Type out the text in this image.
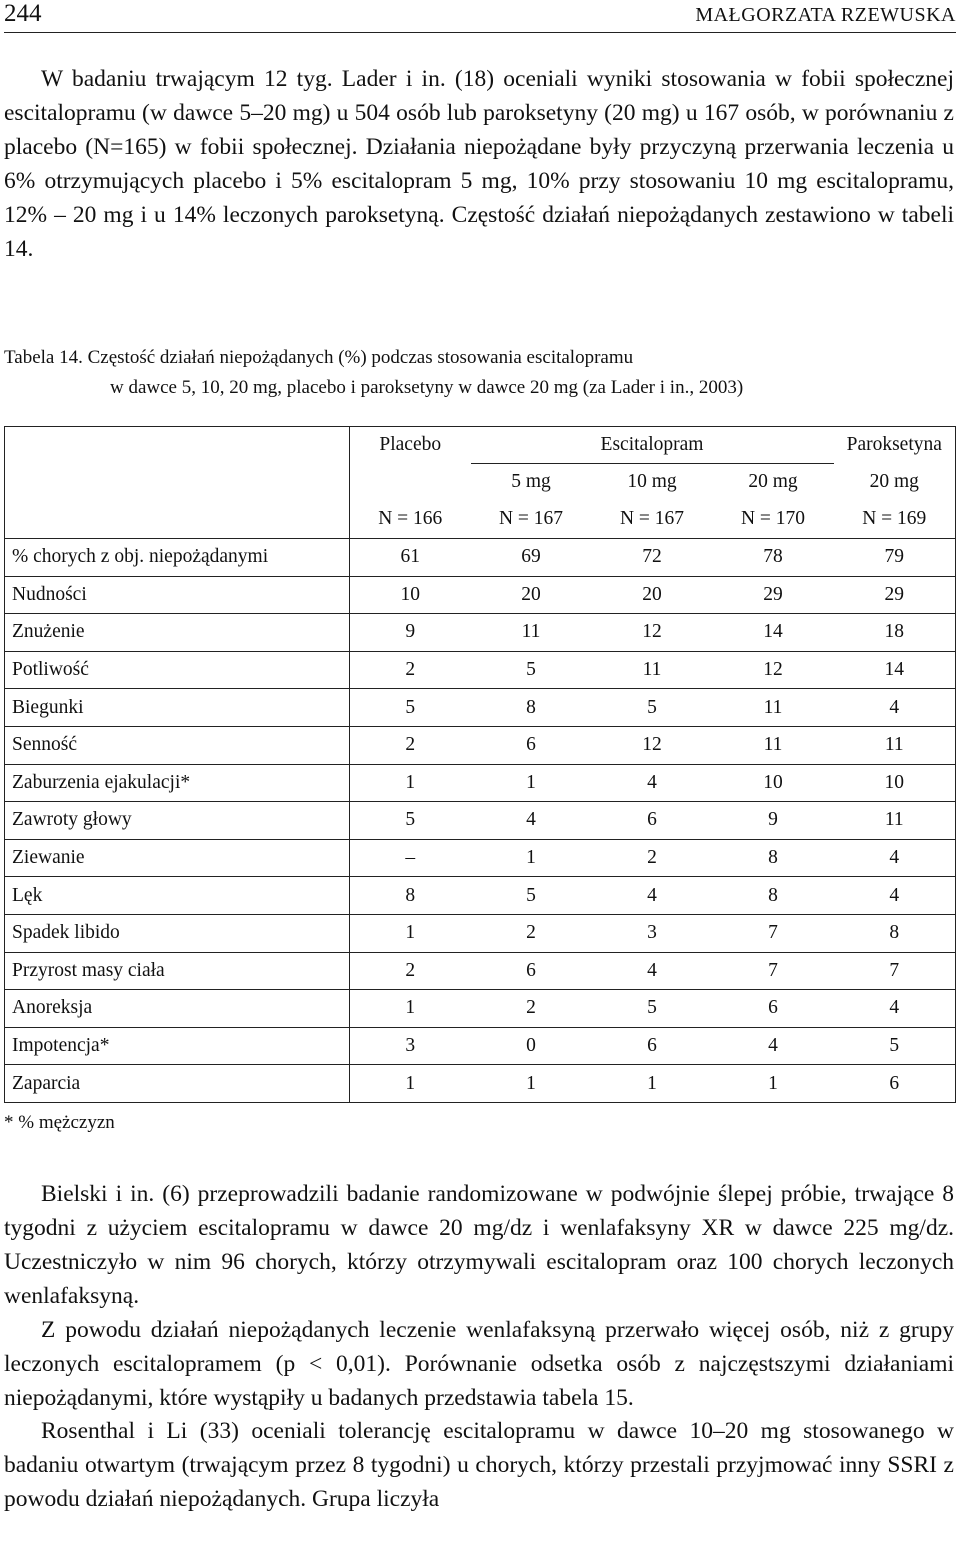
244	MAŁGORZATA RZEWUSKA

W badaniu trwającym 12 tyg. Lader i in. (18) oceniali wyniki stosowania w fobii społecznej escitalopramu (w dawce 5–20 mg) u 504 osób lub paroksetyny (20 mg) u 167 osób, w porównaniu z placebo (N=165) w fobii społecznej. Działania niepożądane były przyczyną przerwania leczenia u 6% otrzymujących placebo i 5% escitalopram 5 mg, 10% przy stosowaniu 10 mg escitalopramu, 12% – 20 mg i u 14% leczonych paroksetyną. Częstość działań niepożądanych zestawiono w tabeli 14.

Tabela 14. Częstość działań niepożądanych (%) podczas stosowania escitalopramu
w dawce 5, 10, 20 mg, placebo i paroksetyny w dawce 20 mg (za Lader i in., 2003)
	Placebo	Escitalopram			Paroksetyna
		5 mg	10 mg	20 mg	20 mg
	N = 166	N = 167	N = 167	N = 170	N = 169
% chorych z obj. niepożądanymi	61	69	72	78	79
Nudności	10	20	20	29	29
Znużenie	9	11	12	14	18
Potliwość	2	5	11	12	14
Biegunki	5	8	5	11	4
Senność	2	6	12	11	11
Zaburzenia ejakulacji*	1	1	4	10	10
Zawroty głowy	5	4	6	9	11
Ziewanie	–	1	2	8	4
Lęk	8	5	4	8	4
Spadek libido	1	2	3	7	8
Przyrost masy ciała	2	6	4	7	7
Anoreksja	1	2	5	6	4
Impotencja*	3	0	6	4	5
Zaparcia	1	1	1	1	6
* % mężczyzn

Bielski i in. (6) przeprowadzili badanie randomizowane w podwójnie ślepej próbie, trwające 8 tygodni z użyciem escitalopramu w dawce 20 mg/dz i wenlafaksyny XR w dawce 225 mg/dz. Uczestniczyło w nim 96 chorych, którzy otrzymywali escitalopram oraz 100 chorych leczonych wenlafaksyną.

Z powodu działań niepożądanych leczenie wenlafaksyną przerwało więcej osób, niż z grupy leczonych escitalopramem (p < 0,01). Porównanie odsetka osób z najczęstszymi działaniami niepożądanymi, które wystąpiły u badanych przedstawia tabela 15.

Rosenthal i Li (33) oceniali tolerancję escitalopramu w dawce 10–20 mg stosowanego w badaniu otwartym (trwającym przez 8 tygodni) u chorych, którzy przestali przyjmować inny SSRI z powodu działań niepożądanych. Grupa liczyła
